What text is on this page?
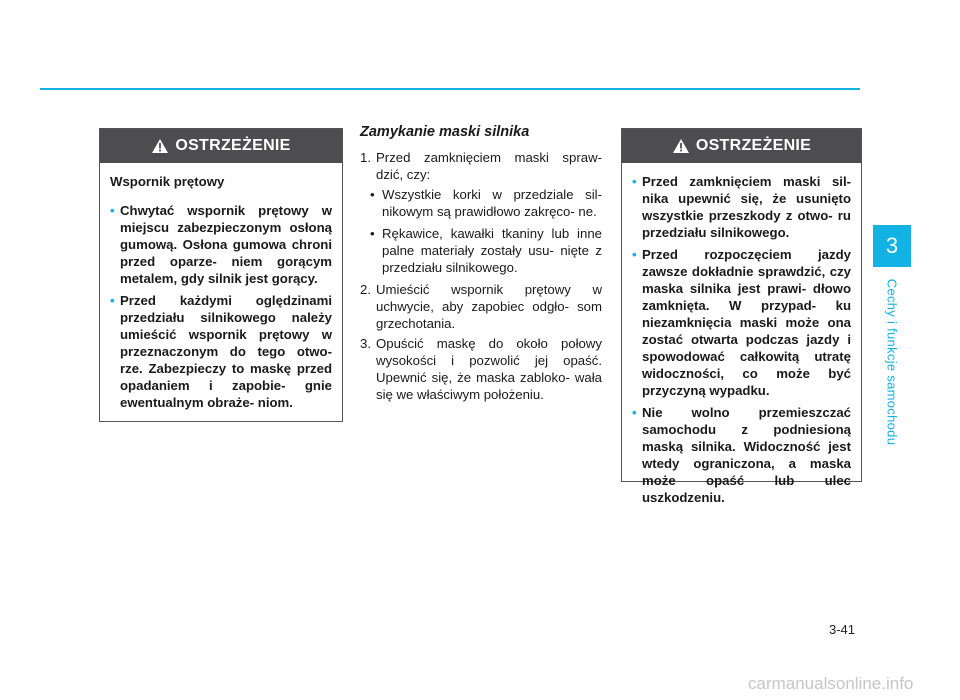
3
Cechy i funkcje samochodu
OSTRZEŻENIE
Wspornik prętowy
• Chwytać wspornik prętowy w miejscu zabezpieczonym osłoną gumową. Osłona gumowa chroni przed oparze- niem gorącym metalem, gdy silnik jest gorący.
• Przed każdymi oględzinami przedziału silnikowego należy umieścić wspornik prętowy w przeznaczonym do tego otwo- rze. Zabezpieczy to maskę przed opadaniem i zapobie- gnie ewentualnym obraże- niom.
Zamykanie maski silnika
1. Przed zamknięciem maski spraw- dzić, czy:
• Wszystkie korki w przedziale sil- nikowym są prawidłowo zakręco- ne.
• Rękawice, kawałki tkaniny lub inne palne materiały zostały usu- nięte z przedziału silnikowego.
2. Umieścić wspornik prętowy w uchwycie, aby zapobiec odgło- som grzechotania.
3. Opuścić maskę do około połowy wysokości i pozwolić jej opaść. Upewnić się, że maska zabloko- wała się we właściwym położeniu.
OSTRZEŻENIE
• Przed zamknięciem maski sil- nika upewnić się, że usunięto wszystkie przeszkody z otwo- ru przedziału silnikowego.
• Przed rozpoczęciem jazdy zawsze dokładnie sprawdzić, czy maska silnika jest prawi- dłowo zamknięta. W przypad- ku niezamknięcia maski może ona zostać otwarta podczas jazdy i spowodować całkowitą utratę widoczności, co może być przyczyną wypadku.
• Nie wolno przemieszczać samochodu z podniesioną maską silnika. Widoczność jest wtedy ograniczona, a maska może opaść lub ulec uszkodzeniu.
3-41
carmanualsonline.info
